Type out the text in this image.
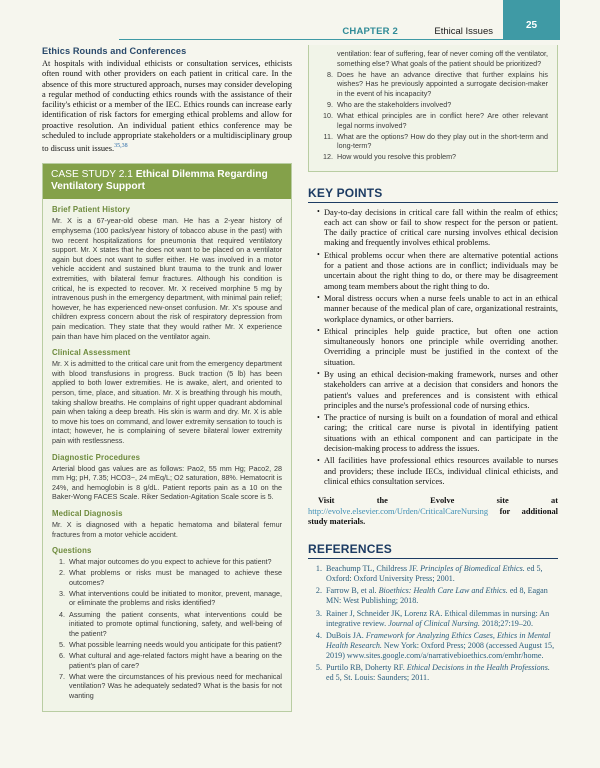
CHAPTER 2	Ethical Issues
25
Ethics Rounds and Conferences

At hospitals with individual ethicists or consultation services, ethicists often round with other providers on each patient in critical care. In the absence of this more structured approach, nurses may consider developing a regular method of conducting ethics rounds with the assistance of their facility's ethicist or a member of the IEC. Ethics rounds can increase early identification of risk factors for emerging ethical problems and allow for proactive resolution. An individual patient ethics conference may be scheduled to include appropriate stakeholders or a multidisciplinary group to discuss unit issues.$^{35,38}$

CASE STUDY 2.1 Ethical Dilemma Regarding Ventilatory Support
Brief Patient History

Mr. X is a 67-year-old obese man. He has a 2-year history of emphysema (100 packs/year history of tobacco abuse in the past) with two recent hospitalizations for pneumonia that required ventilatory support. Mr. X states that he does not want to be placed on a ventilator again but does not want to suffer either. He was involved in a motor vehicle accident and sustained blunt trauma to the trunk and lower extremities, with bilateral femur fractures. Although his condition is critical, he is expected to recover. Mr. X received morphine 5 mg by intravenous push in the emergency department, with minimal pain relief; however, he has experienced new-onset confusion. Mr. X's spouse and children express concern about the risk of respiratory depression from pain medication. They state that they would rather Mr. X experience pain than have him placed on the ventilator again.

Clinical Assessment

Mr. X is admitted to the critical care unit from the emergency department with blood transfusions in progress. Buck traction (5 lb) has been applied to both lower extremities. He is awake, alert, and oriented to person, time, place, and situation. Mr. X is breathing through his mouth, taking shallow breaths. He complains of right upper quadrant abdominal pain when taking a deep breath. His skin is warm and dry. Mr. X is able to move his toes on command, and lower extremity sensation to touch is intact; however, he is complaining of severe bilateral lower extremity pain with restlessness.

Diagnostic Procedures

Arterial blood gas values are as follows: Pao2, 55 mm Hg; Paco2, 28 mm Hg; pH, 7.35; HCO3−, 24 mEq/L; O2 saturation, 88%. Hematocrit is 24%, and hemoglobin is 8 g/dL. Patient reports pain as a 10 on the Baker-Wong FACES Scale. Riker Sedation-Agitation Scale score is 5.

Medical Diagnosis

Mr. X is diagnosed with a hepatic hematoma and bilateral femur fractures from a motor vehicle accident.

Questions
1. What major outcomes do you expect to achieve for this patient?
2. What problems or risks must be managed to achieve these outcomes?
3. What interventions could be initiated to monitor, prevent, manage, or eliminate the problems and risks identified?
4. Assuming the patient consents, what interventions could be initiated to promote optimal functioning, safety, and well-being of the patient?
5. What possible learning needs would you anticipate for this patient?
6. What cultural and age-related factors might have a bearing on the patient's plan of care?
7. What were the circumstances of his previous need for mechanical ventilation? Was he adequately sedated? What is the basis for not wanting
ventilation: fear of suffering, fear of never coming off the ventilator, something else? What goals of the patient should be prioritized?
8. Does he have an advance directive that further explains his wishes? Has he previously appointed a surrogate decision-maker in the event of his incapacity?
9. Who are the stakeholders involved?
10. What ethical principles are in conflict here? Are other relevant legal norms involved?
11. What are the options? How do they play out in the short-term and long-term?
12. How would you resolve this problem?
KEY POINTS
• Day-to-day decisions in critical care fall within the realm of ethics; each act can show or fail to show respect for the person or patient. The daily practice of critical care nursing involves ethical decision making and frequently involves ethical problems.
• Ethical problems occur when there are alternative potential actions for a patient and those actions are in conflict; individuals may be uncertain about the right thing to do, or there may be disagreement among team members about the right thing to do.
• Moral distress occurs when a nurse feels unable to act in an ethical manner because of the medical plan of care, organizational restraints, workplace dynamics, or other barriers.
• Ethical principles help guide practice, but often one action simultaneously honors one principle while overriding another. Overriding a principle must be justified in the context of the situation.
• By using an ethical decision-making framework, nurses and other stakeholders can arrive at a decision that considers and honors the patient's values and preferences and is consistent with ethical principles and the nurse's professional code of nursing ethics.
• The practice of nursing is built on a foundation of moral and ethical caring; the critical care nurse is pivotal in identifying patient situations with an ethical component and can participate in the decision-making process to address the issues.
• All facilities have professional ethics resources available to nurses and providers; these include IECs, individual clinical ethicists, and clinical ethics consultation services.

Visit the Evolve site at http://evolve.elsevier.com/Urden/CriticalCareNursing for additional study materials.

REFERENCES
1. Beachump TL, Childress JF. Principles of Biomedical Ethics. ed 5, Oxford: Oxford University Press; 2001.
2. Farrow B, et al. Bioethics: Health Care Law and Ethics. ed 8, Eagan MN: West Publishing; 2018.
3. Rainer J, Schneider JK, Lorenz RA. Ethical dilemmas in nursing: An integrative review. Journal of Clinical Nursing. 2018;27:19–20.
4. DuBois JA. Framework for Analyzing Ethics Cases, Ethics in Mental Health Research. New York: Oxford Press; 2008 (accessed August 15, 2019) www.sites.google.com/a/narrativebioethics.com/emhr/home.
5. Purtilo RB, Doherty RF. Ethical Decisions in the Health Professions. ed 5, St. Louis: Saunders; 2011.
